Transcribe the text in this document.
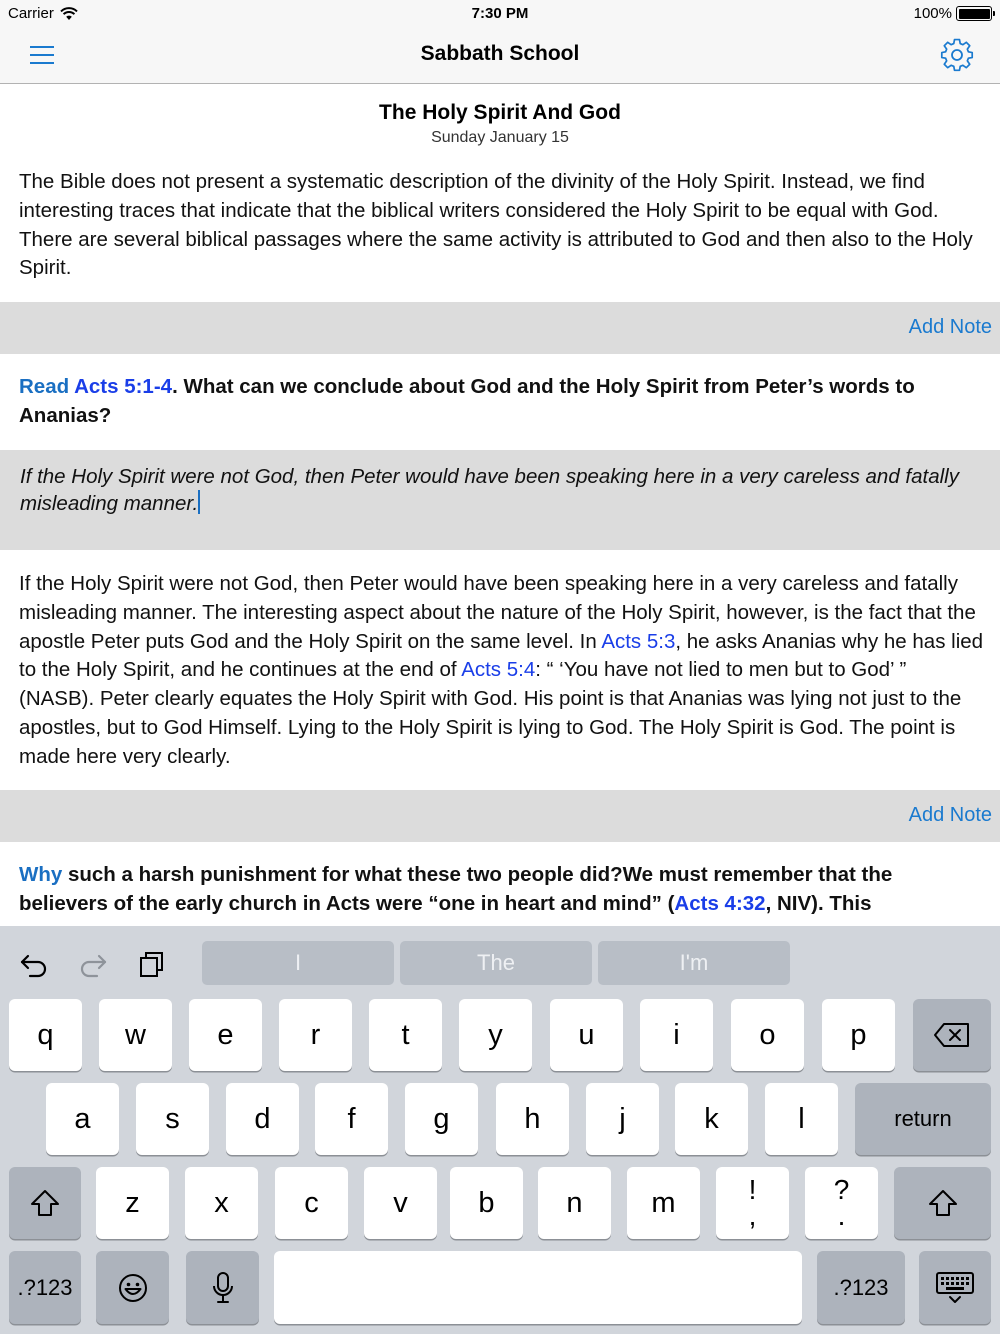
Carrier	7:30 PM	100%
Sabbath School
The Holy Spirit And God
Sunday January 15
The Bible does not present a systematic description of the divinity of the Holy Spirit. Instead, we find interesting traces that indicate that the biblical writers considered the Holy Spirit to be equal with God. There are several biblical passages where the same activity is attributed to God and then also to the Holy Spirit.
Add Note
Read Acts 5:1-4. What can we conclude about God and the Holy Spirit from Peter’s words to Ananias?
If the Holy Spirit were not God, then Peter would have been speaking here in a very careless and fatally misleading manner.
If the Holy Spirit were not God, then Peter would have been speaking here in a very careless and fatally misleading manner. The interesting aspect about the nature of the Holy Spirit, however, is the fact that the apostle Peter puts God and the Holy Spirit on the same level. In Acts 5:3, he asks Ananias why he has lied to the Holy Spirit, and he continues at the end of Acts 5:4: “ ‘You have not lied to men but to God’ ” (NASB). Peter clearly equates the Holy Spirit with God. His point is that Ananias was lying not just to the apostles, but to God Himself. Lying to the Holy Spirit is lying to God. The Holy Spirit is God. The point is made here very clearly.
Add Note
Why such a harsh punishment for what these two people did?We must remember that the believers of the early church in Acts were “one in heart and mind” (Acts 4:32, NIV). This
I	The	I'm
q	w	e	r	t	y	u	i	o	p
a	s	d	f	g	h	j	k	l	return
z	x	c	v	b	n	m	!
,
?
.
.?123	.?123
